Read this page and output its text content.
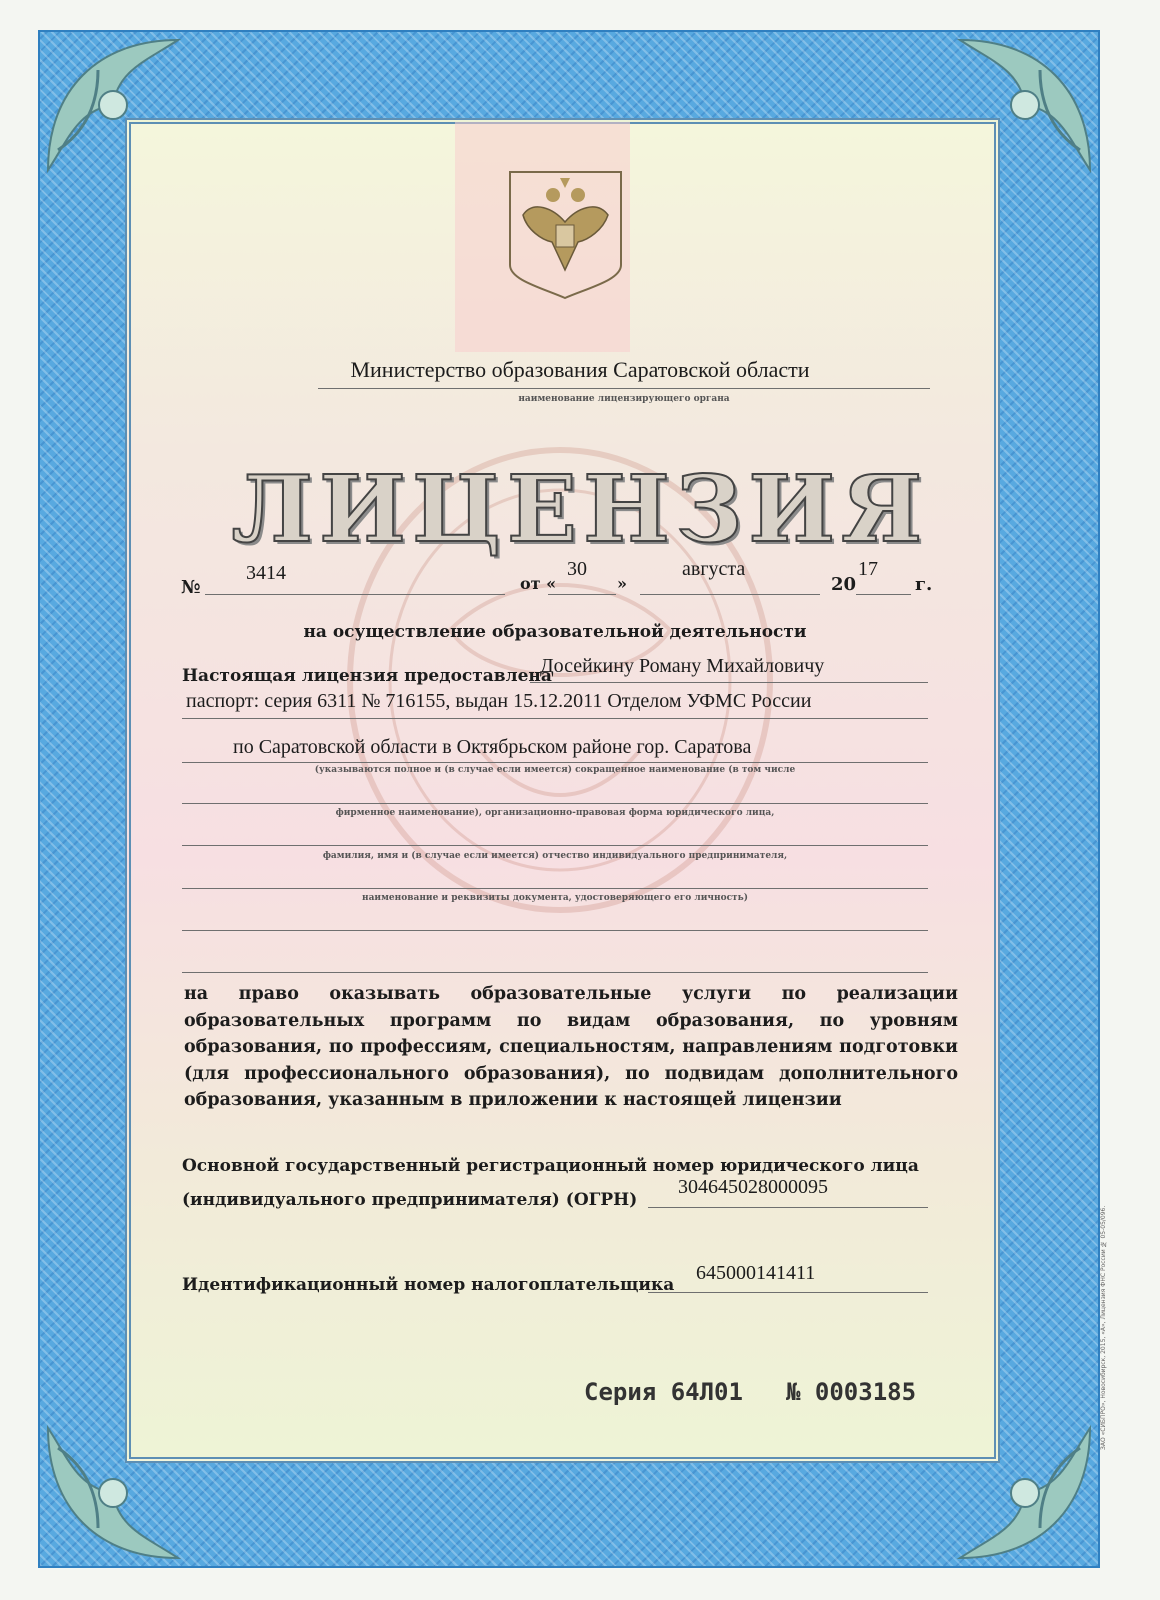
Министерство образования Саратовской области
наименование лицензирующего органа
ЛИЦЕНЗИЯ
№
3414	от «
30
»
августа
20
17
г.
на осуществление образовательной деятельности
Настоящая лицензия предоставлена
Досейкину Роману Михайловичу
паспорт: серия 6311 № 716155, выдан 15.12.2011 Отделом УФМС России
по Саратовской области в Октябрьском районе гор. Саратова
(указываются полное и (в случае если имеется) сокращенное наименование (в том числе
фирменное наименование), организационно-правовая форма юридического лица,
фамилия, имя и (в случае если имеется) отчество индивидуального предпринимателя,
наименование и реквизиты документа, удостоверяющего его личность)
на право оказывать образовательные услуги по реализации образовательных программ по видам образования, по уровням образования, по профессиям, специальностям, направлениям подготовки (для профессионального образования), по подвидам дополнительного образования, указанным в приложении к настоящей лицензии
Основной государственный регистрационный номер юридического лица
(индивидуального предпринимателя) (ОГРН)
304645028000095
Идентификационный номер налогоплательщика
645000141411
Серия 64Л01 № 0003185	ЗАО «СИБПРО», Новосибирск, 2015, «А», Лицензия ФНС России № 05-05/096.
